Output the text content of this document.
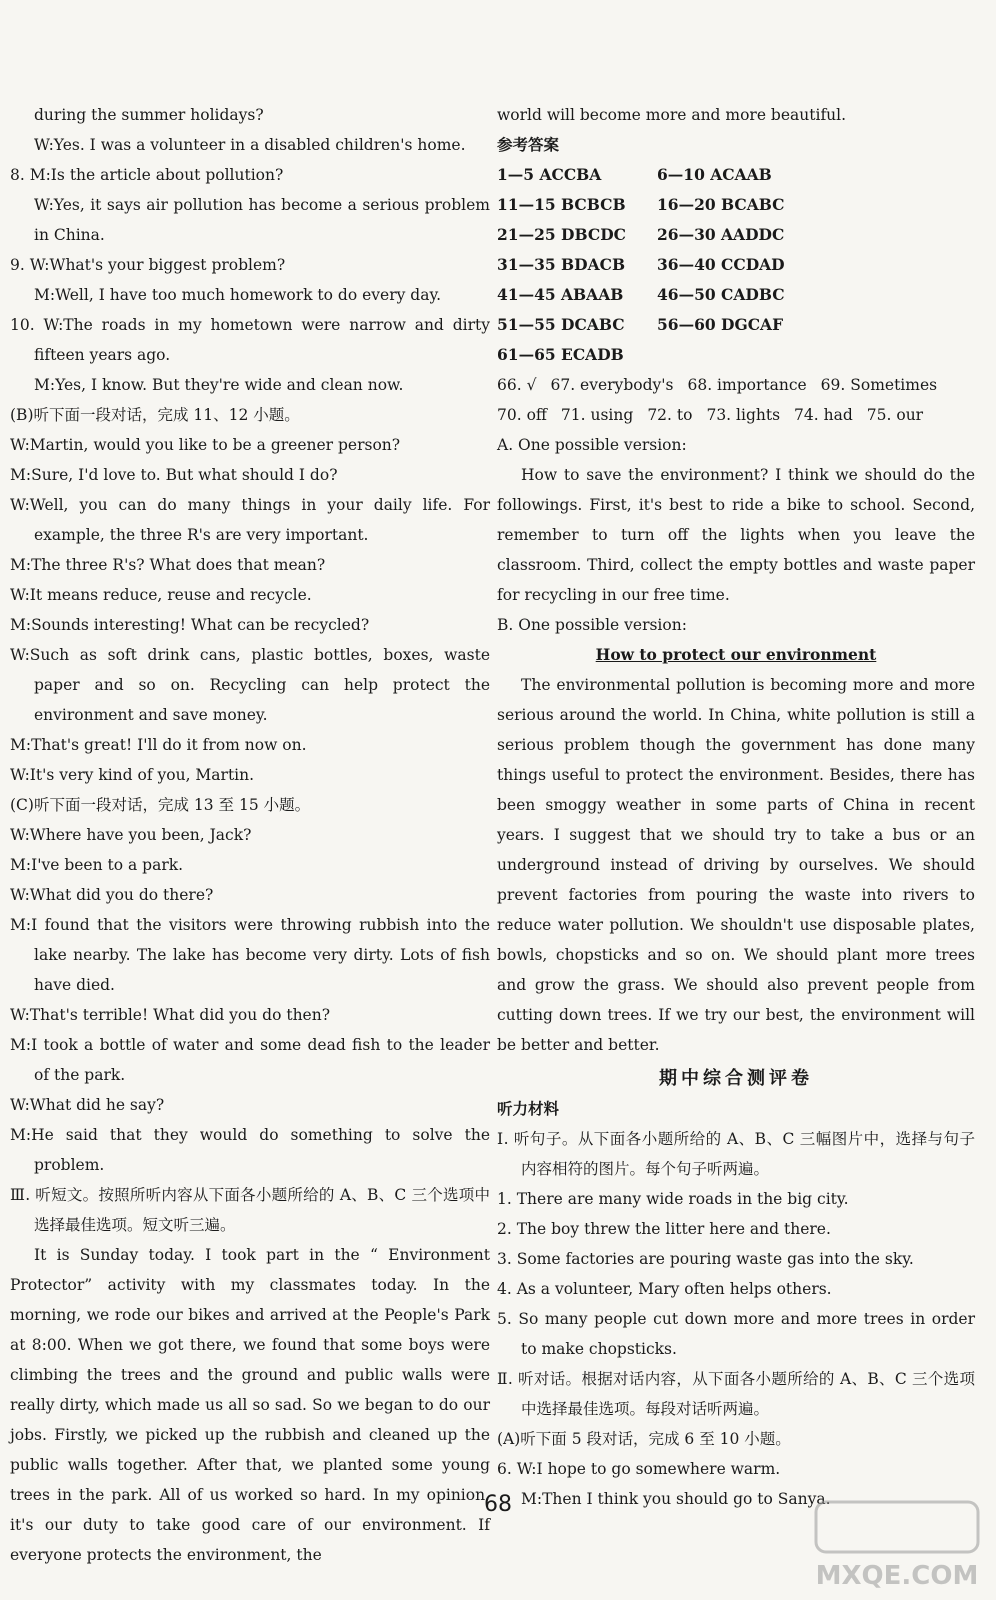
during the summer holidays?
W:Yes. I was a volunteer in a disabled children's home.
8. M:Is the article about pollution?
W:Yes, it says air pollution has become a serious problem in China.
9. W:What's your biggest problem?
M:Well, I have too much homework to do every day.
10. W:The roads in my hometown were narrow and dirty fifteen years ago.
M:Yes, I know. But they're wide and clean now.
(B)听下面一段对话，完成 11、12 小题。
W:Martin, would you like to be a greener person?
M:Sure, I'd love to. But what should I do?
W:Well, you can do many things in your daily life. For example, the three R's are very important.
M:The three R's? What does that mean?
W:It means reduce, reuse and recycle.
M:Sounds interesting! What can be recycled?
W:Such as soft drink cans, plastic bottles, boxes, waste paper and so on. Recycling can help protect the environment and save money.
M:That's great! I'll do it from now on.
W:It's very kind of you, Martin.
(C)听下面一段对话，完成 13 至 15 小题。
W:Where have you been, Jack?
M:I've been to a park.
W:What did you do there?
M:I found that the visitors were throwing rubbish into the lake nearby. The lake has become very dirty. Lots of fish have died.
W:That's terrible! What did you do then?
M:I took a bottle of water and some dead fish to the leader of the park.
W:What did he say?
M:He said that they would do something to solve the problem.
Ⅲ. 听短文。按照所听内容从下面各小题所给的 A、B、C 三个选项中选择最佳选项。短文听三遍。
It is Sunday today. I took part in the “ Environment Protector” activity with my classmates today. In the morning, we rode our bikes and arrived at the People's Park at 8:00. When we got there, we found that some boys were climbing the trees and the ground and public walls were really dirty, which made us all so sad. So we began to do our jobs. Firstly, we picked up the rubbish and cleaned up the public walls together. After that, we planted some young trees in the park. All of us worked so hard. In my opinion, it's our duty to take good care of our environment. If everyone protects the environment, the
world will become more and more beautiful.
参考答案
1—5 ACCBA	6—10 ACAAB
11—15 BCBCB	16—20 BCABC
21—25 DBCDC	26—30 AADDC
31—35 BDACB	36—40 CCDAD
41—45 ABAAB	46—50 CADBC
51—55 DCABC	56—60 DGCAF
61—65 ECADB
66. √ 67. everybody's 68. importance 69. Sometimes
70. off 71. using 72. to 73. lights 74. had 75. our
A. One possible version:
How to save the environment? I think we should do the followings. First, it's best to ride a bike to school. Second, remember to turn off the lights when you leave the classroom. Third, collect the empty bottles and waste paper for recycling in our free time.
B. One possible version:
How to protect our environment
The environmental pollution is becoming more and more serious around the world. In China, white pollution is still a serious problem though the government has done many things useful to protect the environment. Besides, there has been smoggy weather in some parts of China in recent years. I suggest that we should try to take a bus or an underground instead of driving by ourselves. We should prevent factories from pouring the waste into rivers to reduce water pollution. We shouldn't use disposable plates, bowls, chopsticks and so on. We should plant more trees and grow the grass. We should also prevent people from cutting down trees. If we try our best, the environment will be better and better.
期中综合测评卷
听力材料
Ⅰ. 听句子。从下面各小题所给的 A、B、C 三幅图片中，选择与句子内容相符的图片。每个句子听两遍。
1. There are many wide roads in the big city.
2. The boy threw the litter here and there.
3. Some factories are pouring waste gas into the sky.
4. As a volunteer, Mary often helps others.
5. So many people cut down more and more trees in order to make chopsticks.
Ⅱ. 听对话。根据对话内容，从下面各小题所给的 A、B、C 三个选项中选择最佳选项。每段对话听两遍。
(A)听下面 5 段对话，完成 6 至 10 小题。
6. W:I hope to go somewhere warm.
M:Then I think you should go to Sanya.
68
MXQE.COM
